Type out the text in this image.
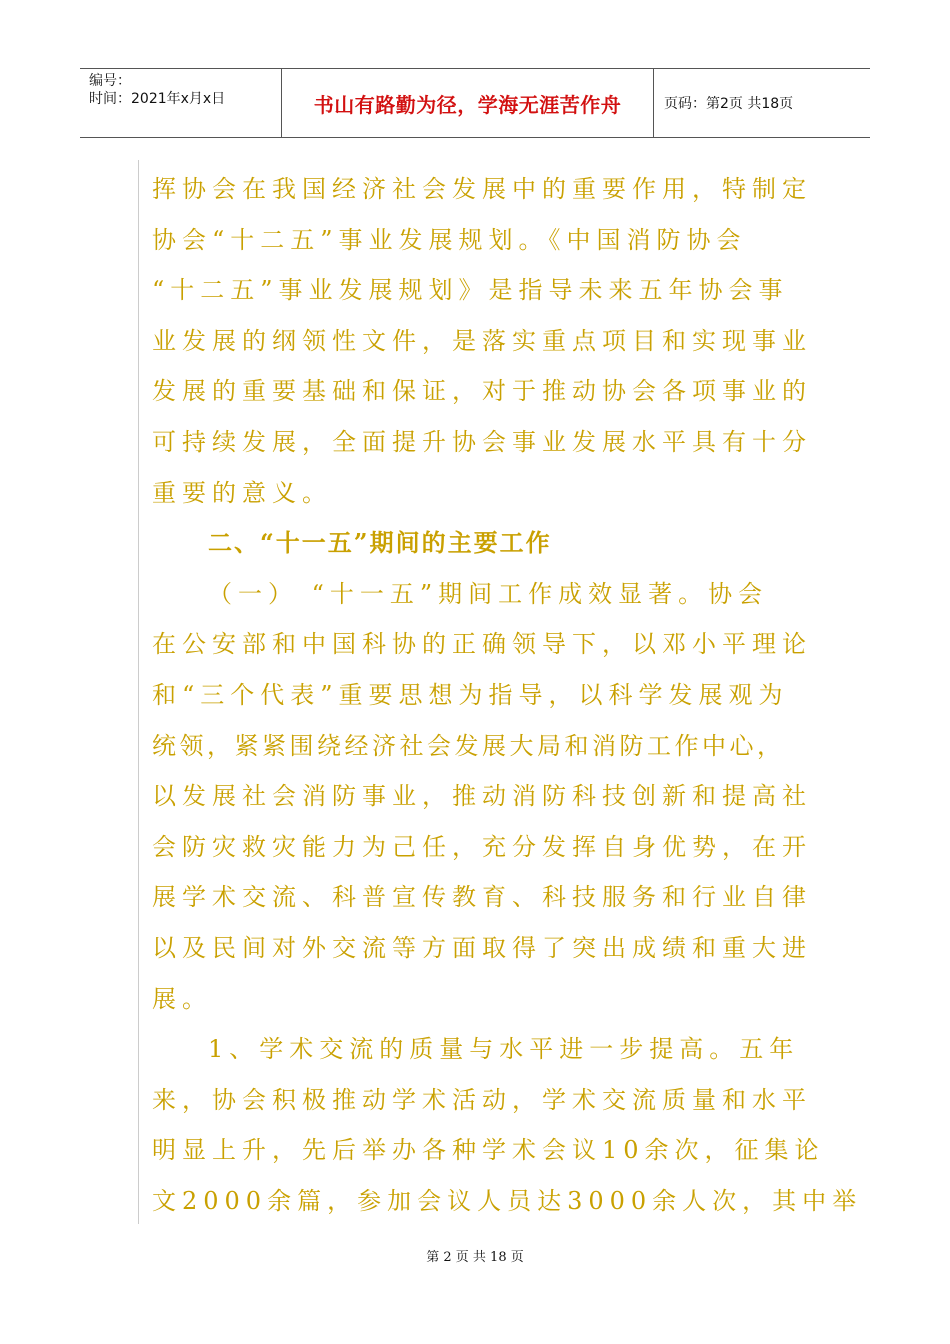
编号：
时间：2021年x月x日	书山有路勤为径，学海无涯苦作舟	页码：第2页 共18页
挥协会在我国经济社会发展中的重要作用，特制定
协会“十二五”事业发展规划。《中国消防协会
“十二五”事业发展规划》是指导未来五年协会事
业发展的纲领性文件，是落实重点项目和实现事业
发展的重要基础和保证，对于推动协会各项事业的
可持续发展，全面提升协会事业发展水平具有十分
重要的意义。
二、“十一五”期间的主要工作
（一） “十一五”期间工作成效显著。协会
在公安部和中国科协的正确领导下，以邓小平理论
和“三个代表”重要思想为指导，以科学发展观为
统领，紧紧围绕经济社会发展大局和消防工作中心，
以发展社会消防事业，推动消防科技创新和提高社
会防灾救灾能力为己任，充分发挥自身优势，在开
展学术交流、科普宣传教育、科技服务和行业自律
以及民间对外交流等方面取得了突出成绩和重大进
展。
1、学术交流的质量与水平进一步提高。五年
来，协会积极推动学术活动，学术交流质量和水平
明显上升，先后举办各种学术会议10余次，征集论
文2000余篇，参加会议人员达3000余人次，其中举
第 2 页 共 18 页
